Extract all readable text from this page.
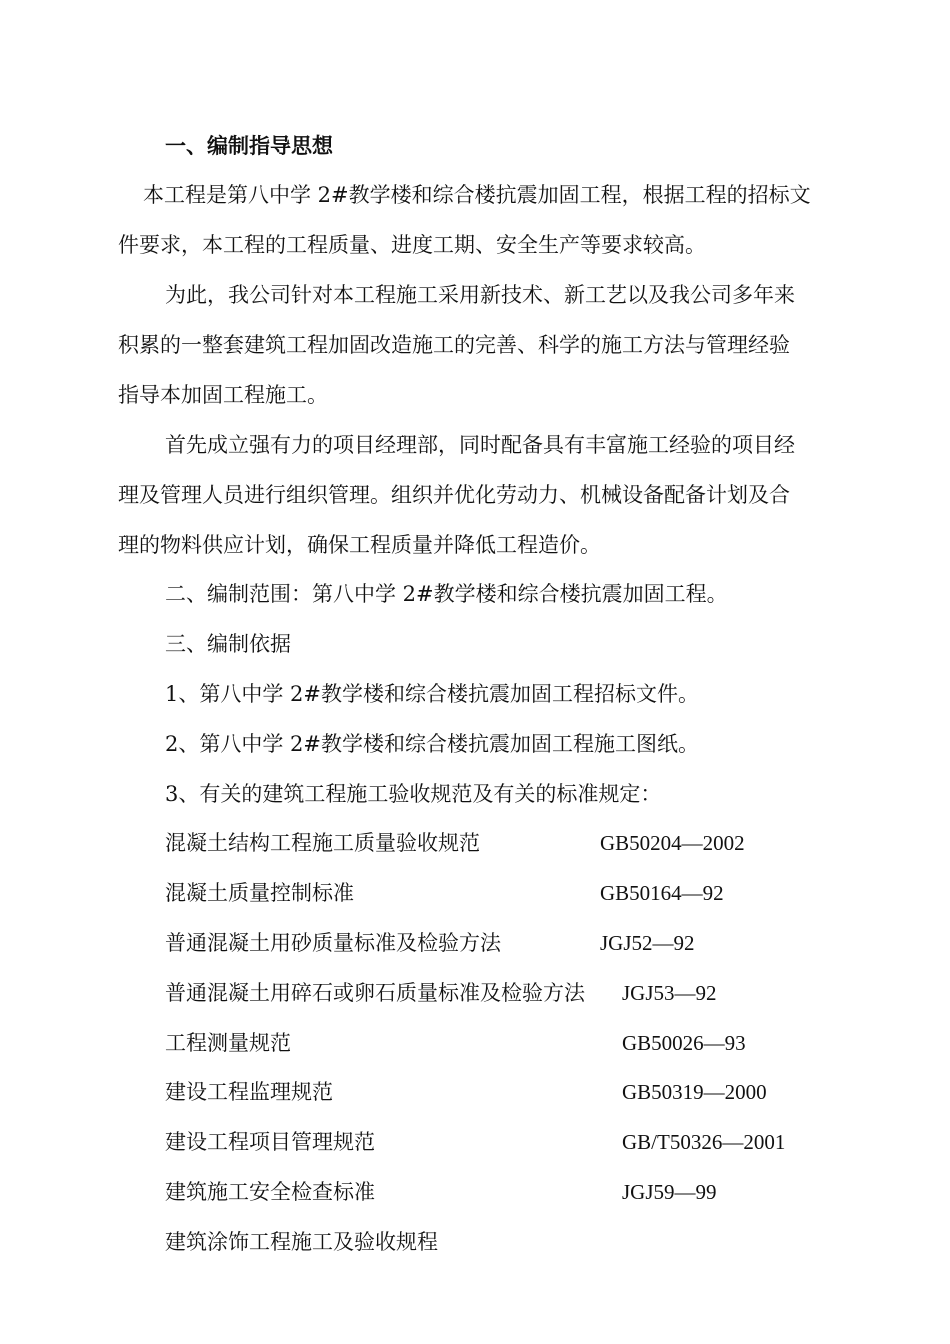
一、编制指导思想
本工程是第八中学 2#教学楼和综合楼抗震加固工程，根据工程的招标文
件要求，本工程的工程质量、进度工期、安全生产等要求较高。
为此，我公司针对本工程施工采用新技术、新工艺以及我公司多年来
积累的一整套建筑工程加固改造施工的完善、科学的施工方法与管理经验
指导本加固工程施工。
首先成立强有力的项目经理部，同时配备具有丰富施工经验的项目经
理及管理人员进行组织管理。组织并优化劳动力、机械设备配备计划及合
理的物料供应计划，确保工程质量并降低工程造价。
二、编制范围：第八中学 2#教学楼和综合楼抗震加固工程。
三、编制依据
1、第八中学 2#教学楼和综合楼抗震加固工程招标文件。
2、第八中学 2#教学楼和综合楼抗震加固工程施工图纸。
3、有关的建筑工程施工验收规范及有关的标准规定：
混凝土结构工程施工质量验收规范	GB50204—2002
混凝土质量控制标准	GB50164—92
普通混凝土用砂质量标准及检验方法	JGJ52—92
普通混凝土用碎石或卵石质量标准及检验方法 JGJ53—92
工程测量规范	GB50026—93
建设工程监理规范	GB50319—2000
建设工程项目管理规范	GB/T50326—2001
建筑施工安全检查标准	JGJ59—99
建筑涂饰工程施工及验收规程
